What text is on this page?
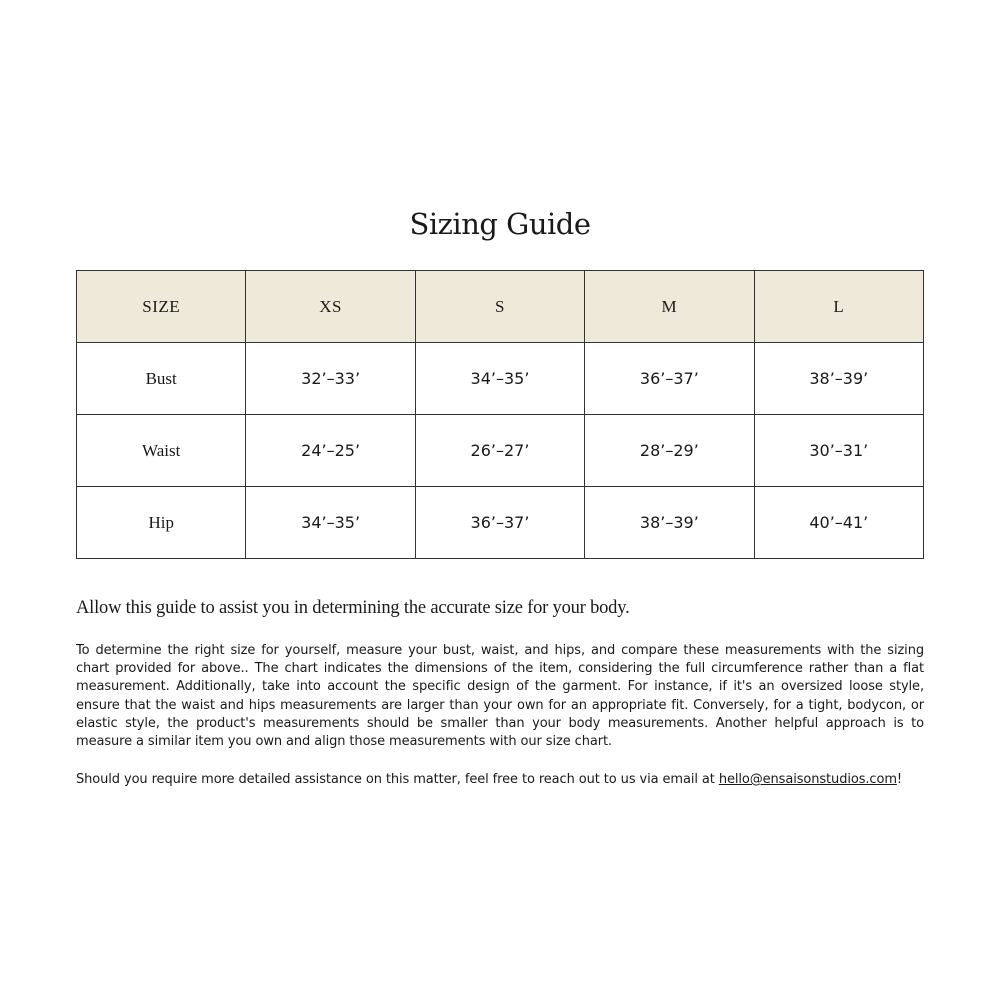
Sizing Guide
SIZE	XS	S	M	L
Bust	32’–33’	34’–35’	36’–37’	38’–39’
Waist	24’–25’	26’–27’	28’–29’	30’–31’
Hip	34’–35’	36’–37’	38’–39’	40’–41’

Allow this guide to assist you in determining the accurate size for your body.

To determine the right size for yourself, measure your bust, waist, and hips, and compare these measurements with the sizing chart provided for above.. The chart indicates the dimensions of the item, considering the full circumference rather than a flat measurement. Additionally, take into account the specific design of the garment. For instance, if it's an oversized loose style, ensure that the waist and hips measurements are larger than your own for an appropriate fit. Conversely, for a tight, bodycon, or elastic style, the product's measurements should be smaller than your body measurements. Another helpful approach is to measure a similar item you own and align those measurements with our size chart.

Should you require more detailed assistance on this matter, feel free to reach out to us via email at hello@ensaisonstudios.com!
